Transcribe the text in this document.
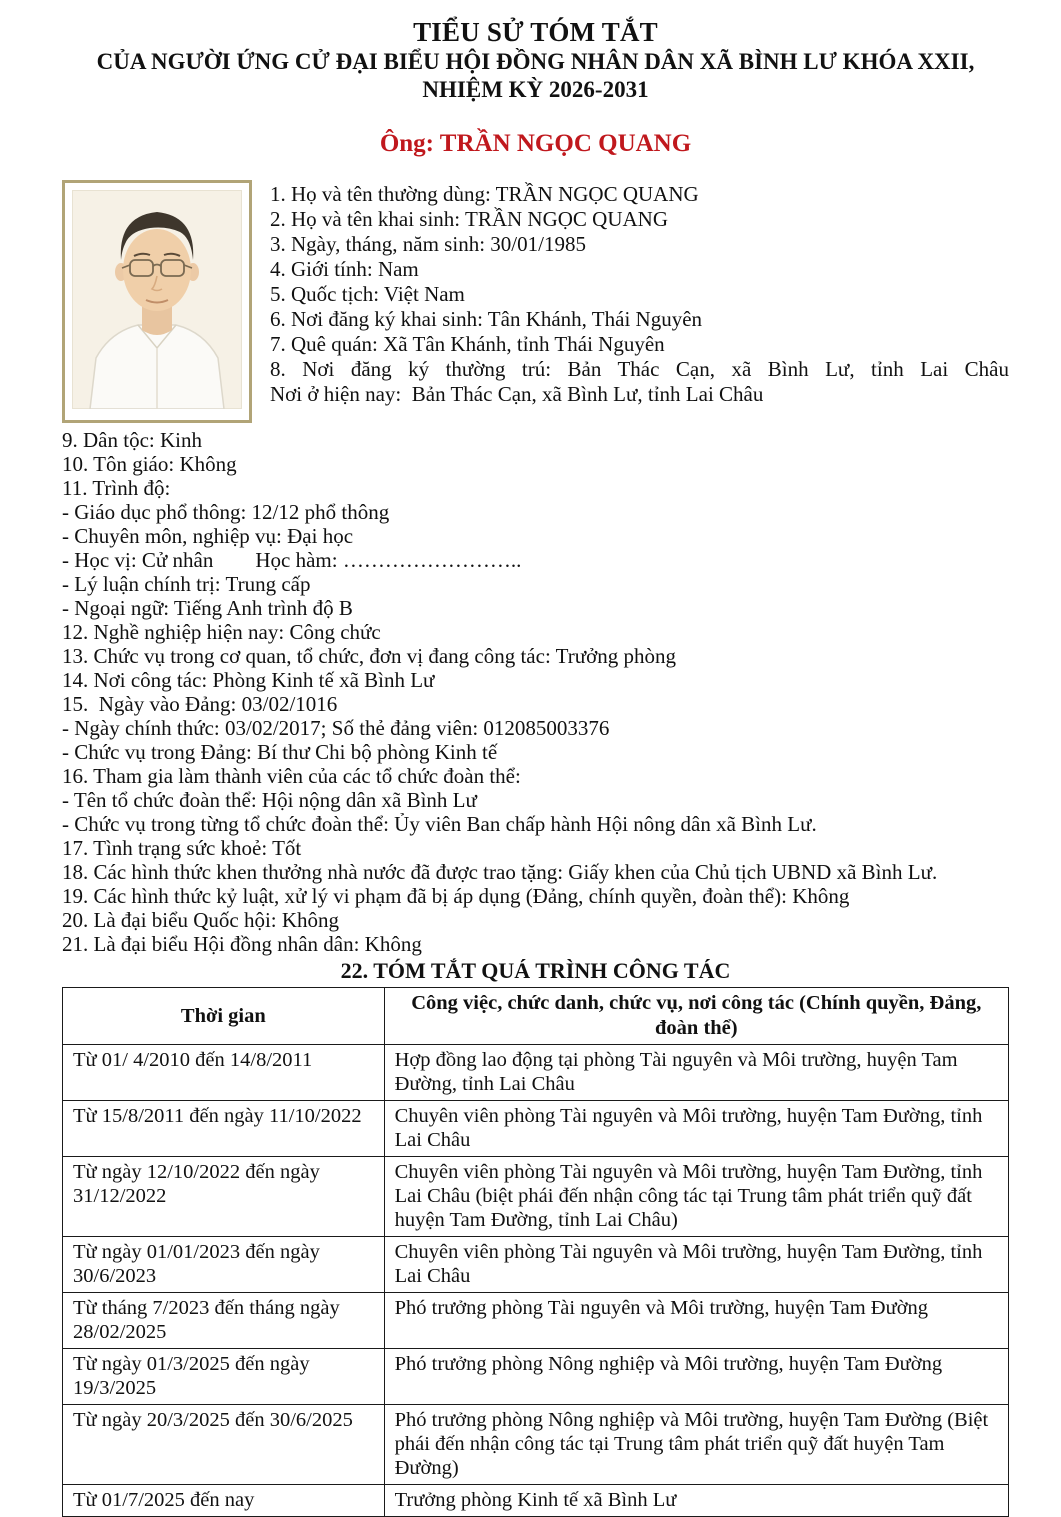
TIỂU SỬ TÓM TẮT
CỦA NGƯỜI ỨNG CỬ ĐẠI BIỂU HỘI ĐỒNG NHÂN DÂN XÃ BÌNH LƯ KHÓA XXII,
NHIỆM KỲ 2026-2031
Ông: TRẦN NGỌC QUANG
1. Họ và tên thường dùng: TRẦN NGỌC QUANG
2. Họ và tên khai sinh: TRẦN NGỌC QUANG
3. Ngày, tháng, năm sinh: 30/01/1985
4. Giới tính: Nam
5. Quốc tịch: Việt Nam
6. Nơi đăng ký khai sinh: Tân Khánh, Thái Nguyên
7. Quê quán: Xã Tân Khánh, tỉnh Thái Nguyên
8. Nơi đăng ký thường trú: Bản Thác Cạn, xã Bình Lư, tỉnh Lai Châu
Nơi ở hiện nay:  Bản Thác Cạn, xã Bình Lư, tỉnh Lai Châu
9. Dân tộc: Kinh
10. Tôn giáo: Không
11. Trình độ:
- Giáo dục phổ thông: 12/12 phổ thông
- Chuyên môn, nghiệp vụ: Đại học
- Học vị: Cử nhân        Học hàm: ……………………..
- Lý luận chính trị: Trung cấp
- Ngoại ngữ: Tiếng Anh trình độ B
12. Nghề nghiệp hiện nay: Công chức
13. Chức vụ trong cơ quan, tổ chức, đơn vị đang công tác: Trưởng phòng
14. Nơi công tác: Phòng Kinh tế xã Bình Lư
15.  Ngày vào Đảng: 03/02/1016
- Ngày chính thức: 03/02/2017; Số thẻ đảng viên: 012085003376
- Chức vụ trong Đảng: Bí thư Chi bộ phòng Kinh tế
16. Tham gia làm thành viên của các tổ chức đoàn thể:
- Tên tổ chức đoàn thể: Hội nộng dân xã Bình Lư
- Chức vụ trong từng tổ chức đoàn thể: Ủy viên Ban chấp hành Hội nông dân xã Bình Lư.
17. Tình trạng sức khoẻ: Tốt
18. Các hình thức khen thưởng nhà nước đã được trao tặng: Giấy khen của Chủ tịch UBND xã Bình Lư.
19. Các hình thức kỷ luật, xử lý vi phạm đã bị áp dụng (Đảng, chính quyền, đoàn thể): Không
20. Là đại biểu Quốc hội: Không
21. Là đại biểu Hội đồng nhân dân: Không
22. TÓM TẮT QUÁ TRÌNH CÔNG TÁC
Thời gian	Công việc, chức danh, chức vụ, nơi công tác (Chính quyền, Đảng, đoàn thể)
Từ 01/ 4/2010 đến 14/8/2011	Hợp đồng lao động tại phòng Tài nguyên và Môi trường, huyện Tam Đường, tỉnh Lai Châu
Từ 15/8/2011 đến ngày 11/10/2022	Chuyên viên phòng Tài nguyên và Môi trường, huyện Tam Đường, tỉnh Lai Châu
Từ ngày 12/10/2022 đến ngày 31/12/2022	Chuyên viên phòng Tài nguyên và Môi trường, huyện Tam Đường, tỉnh Lai Châu (biệt phái đến nhận công tác tại Trung tâm phát triển quỹ đất huyện Tam Đường, tỉnh Lai Châu)
Từ ngày 01/01/2023 đến ngày 30/6/2023	Chuyên viên phòng Tài nguyên và Môi trường, huyện Tam Đường, tỉnh Lai Châu
Từ tháng 7/2023 đến tháng ngày 28/02/2025	Phó trưởng phòng Tài nguyên và Môi trường, huyện Tam Đường
Từ ngày 01/3/2025 đến ngày 19/3/2025	Phó trưởng phòng Nông nghiệp và Môi trường, huyện Tam Đường
Từ ngày 20/3/2025 đến 30/6/2025	Phó trưởng phòng Nông nghiệp và Môi trường, huyện Tam Đường (Biệt phái đến nhận công tác tại Trung tâm phát triển quỹ đất huyện Tam Đường)
Từ 01/7/2025 đến nay	Trưởng phòng Kinh tế xã Bình Lư
